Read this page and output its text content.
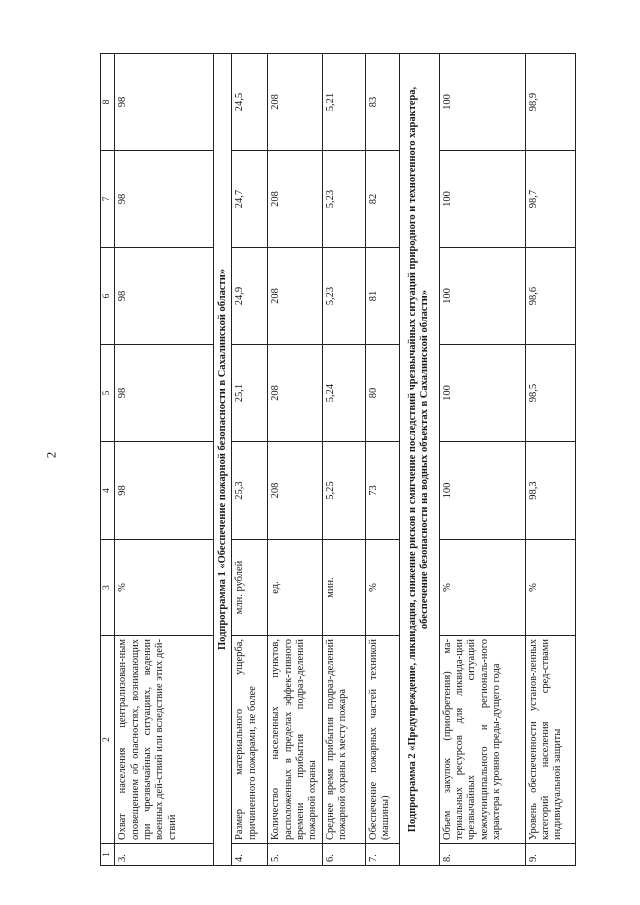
2
1	2	3	4	5	6	7	8
3.	Охват населения централизован-ным оповещением об опасностях, возникающих при чрезвычайных ситуациях, ведении военных дей-ствий или вследствие этих дей-ствий	%	98	98	98	98	98
Подпрограмма 1 «Обеспечение пожарной безопасности в Сахалинской области»							
4.	Размер материального ущерба, причиненного пожарами, не более	млн. рублей	25,3	25,1	24,9	24,7	24,5
5.	Количество населенных пунктов, расположенных в пределах эффек-тивного времени прибытия подраз-делений пожарной охраны	ед.	208	208	208	208	208
6.	Среднее время прибытия подраз-делений пожарной охраны к месту пожара	мин.	5,25	5,24	5,23	5,23	5,21
7.	Обеспечение пожарных частей техникой (машины)	%	73	80	81	82	83
Подпрограмма 2 «Предупреждение, ликвидация, снижение рисков и смягчение последствий чрезвычайных ситуаций природного и техногенного характера, обеспечение безопасности на водных объектах в Сахалинской области»							
8.	Объем закупок (приобретения) ма-териальных ресурсов для ликвида-ции чрезвычайных ситуаций межмуниципального и региональ-ного характера к уровню преды-дущего года	%	100	100	100	100	100
9.	Уровень обеспеченности установ-ленных категорий населения сред-ствами индивидуальной защиты	%	98,3	98,5	98,6	98,7	98,9
